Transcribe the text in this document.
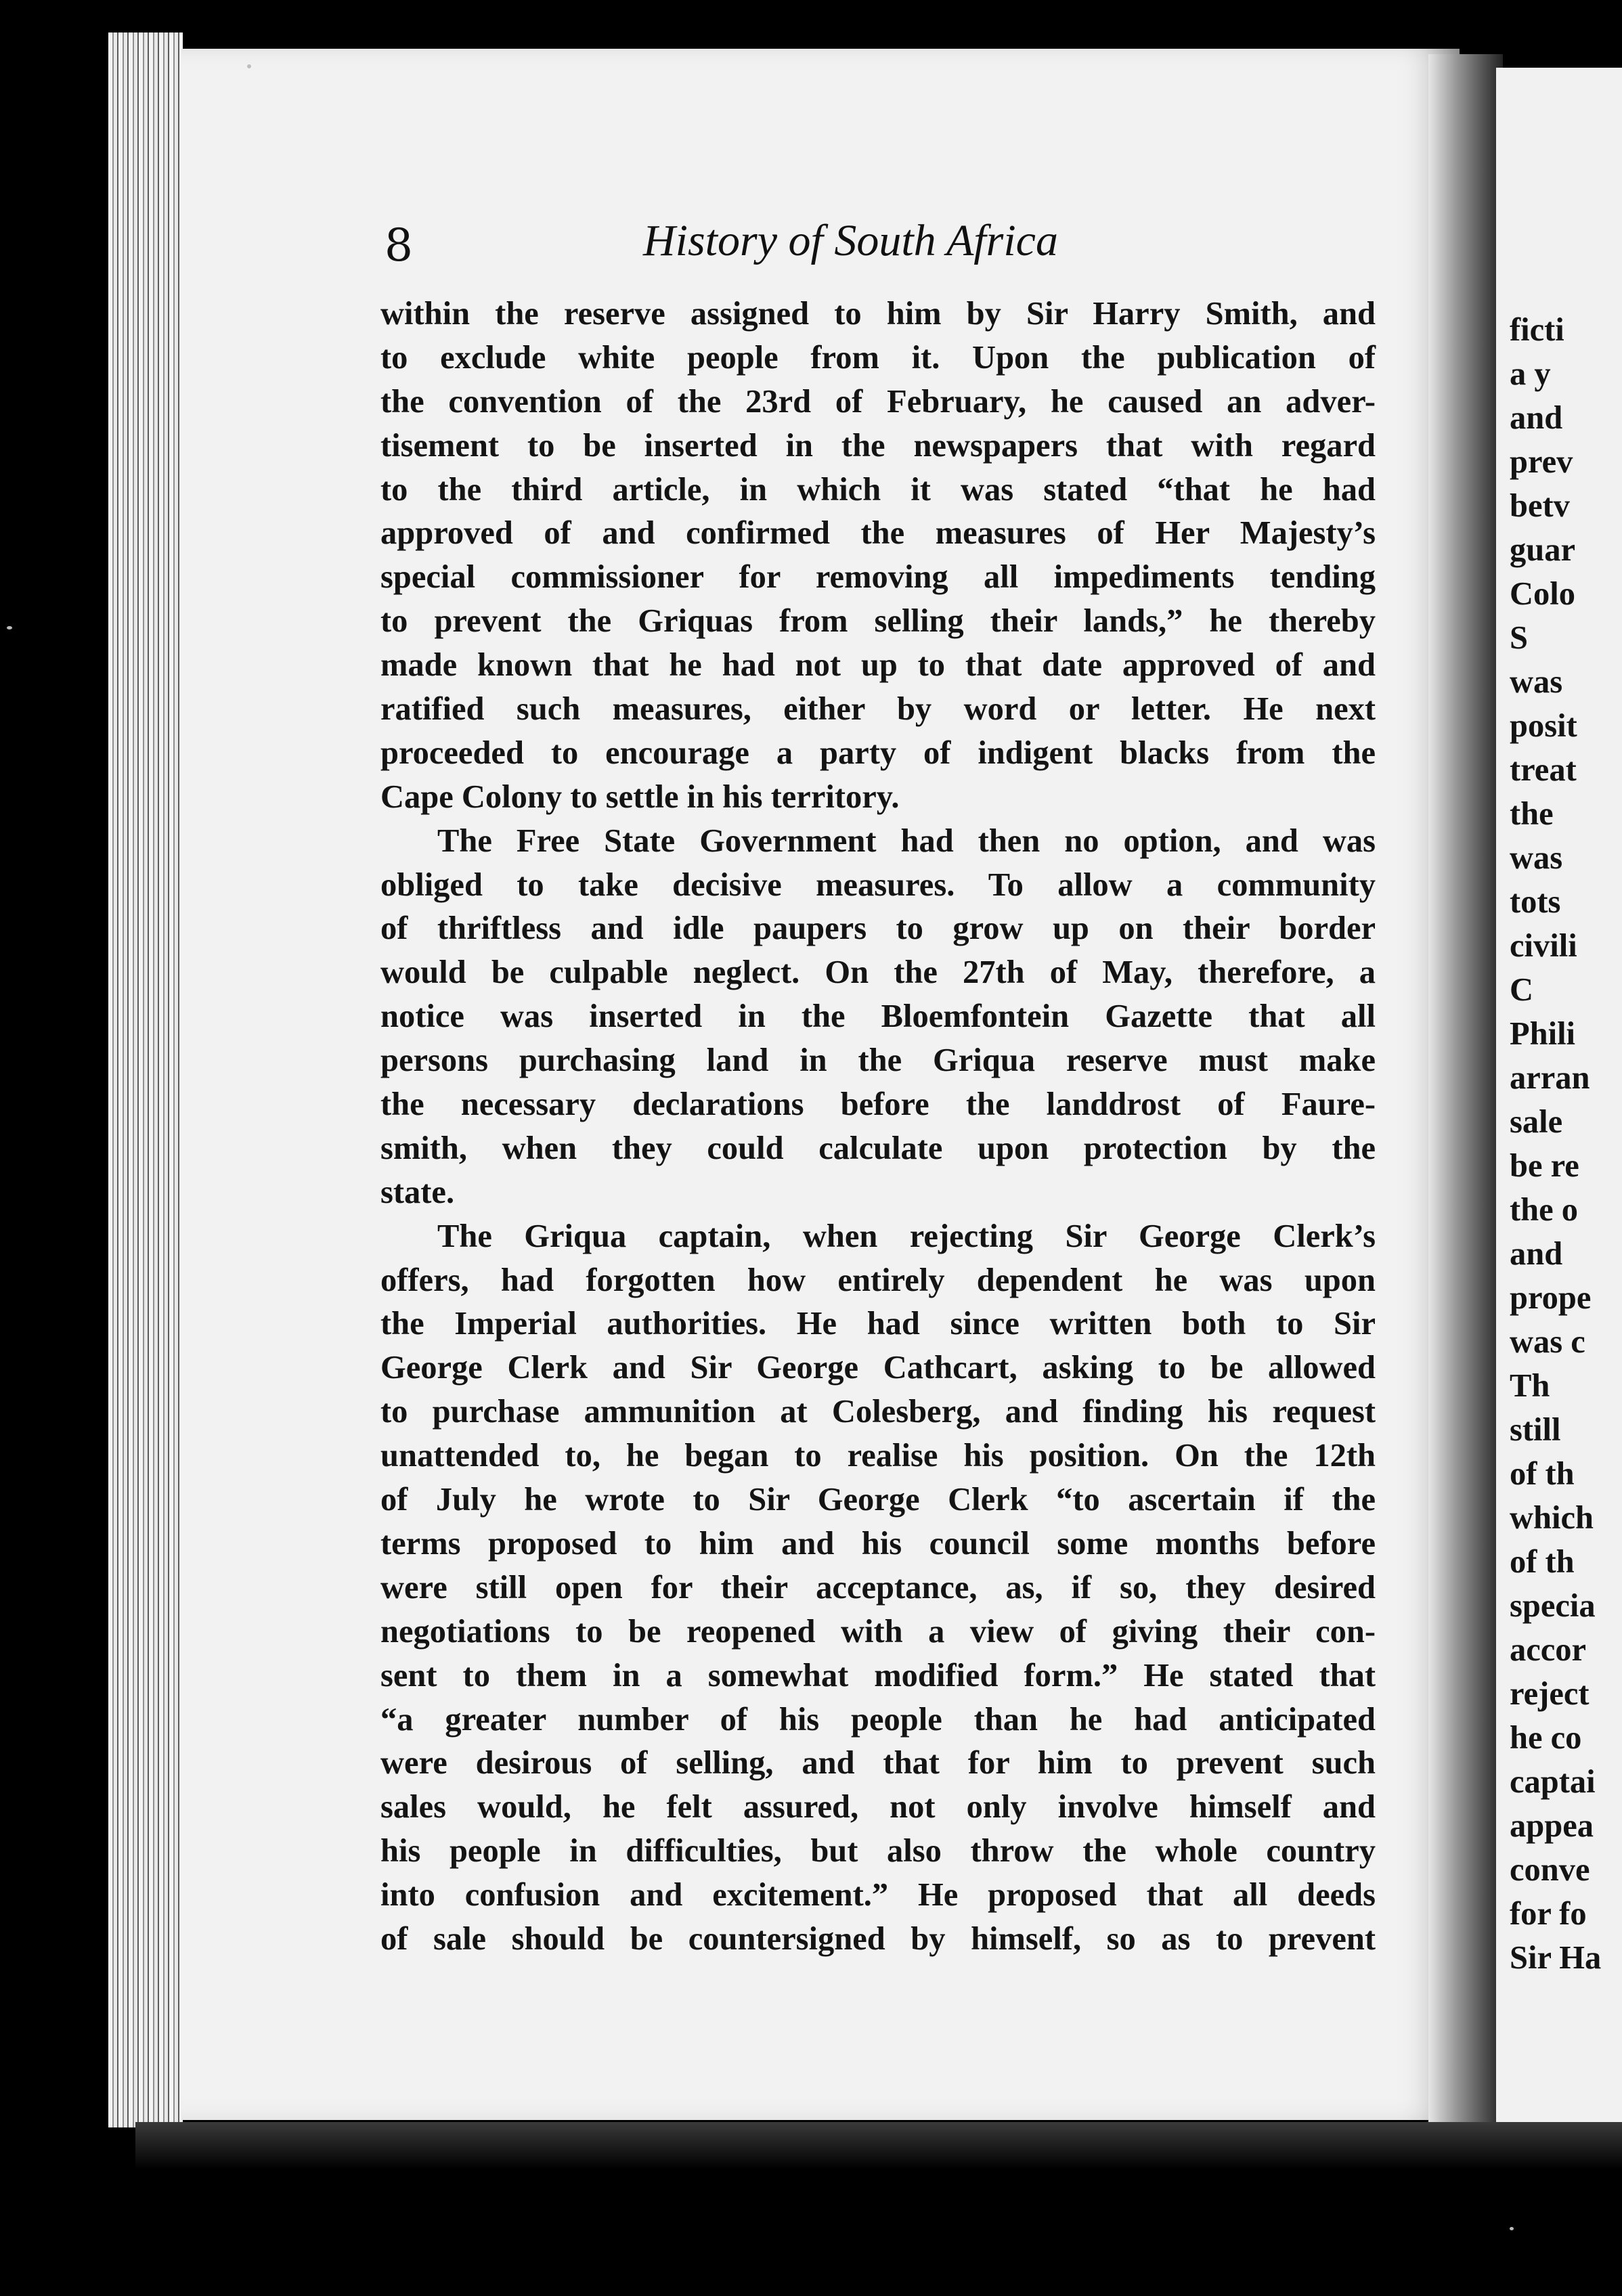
ficti
a y
and
prev
betv
guar
Colo
S
was
posit
treat
the
was
tots
civili
C
Phili
arran
sale
be re
the o
and
prope
was c
Th
still
of th
which
of th
specia
accor
reject
he co
captai
appea
conve
for fo
Sir Ha
8	History of South Africa
within the reserve assigned to him by Sir Harry Smith, and
to exclude white people from it. Upon the publication of
the convention of the 23rd of February, he caused an adver-
tisement to be inserted in the newspapers that with regard
to the third article, in which it was stated “that he had
approved of and confirmed the measures of Her Majesty’s
special commissioner for removing all impediments tending
to prevent the Griquas from selling their lands,” he thereby
made known that he had not up to that date approved of and
ratified such measures, either by word or letter. He next
proceeded to encourage a party of indigent blacks from the
Cape Colony to settle in his territory.
The Free State Government had then no option, and was
obliged to take decisive measures. To allow a community
of thriftless and idle paupers to grow up on their border
would be culpable neglect. On the 27th of May, therefore, a
notice was inserted in the Bloemfontein Gazette that all
persons purchasing land in the Griqua reserve must make
the necessary declarations before the landdrost of Faure-
smith, when they could calculate upon protection by the
state.
The Griqua captain, when rejecting Sir George Clerk’s
offers, had forgotten how entirely dependent he was upon
the Imperial authorities. He had since written both to Sir
George Clerk and Sir George Cathcart, asking to be allowed
to purchase ammunition at Colesberg, and finding his request
unattended to, he began to realise his position. On the 12th
of July he wrote to Sir George Clerk “to ascertain if the
terms proposed to him and his council some months before
were still open for their acceptance, as, if so, they desired
negotiations to be reopened with a view of giving their con-
sent to them in a somewhat modified form.” He stated that
“a greater number of his people than he had anticipated
were desirous of selling, and that for him to prevent such
sales would, he felt assured, not only involve himself and
his people in difficulties, but also throw the whole country
into confusion and excitement.” He proposed that all deeds
of sale should be countersigned by himself, so as to prevent
